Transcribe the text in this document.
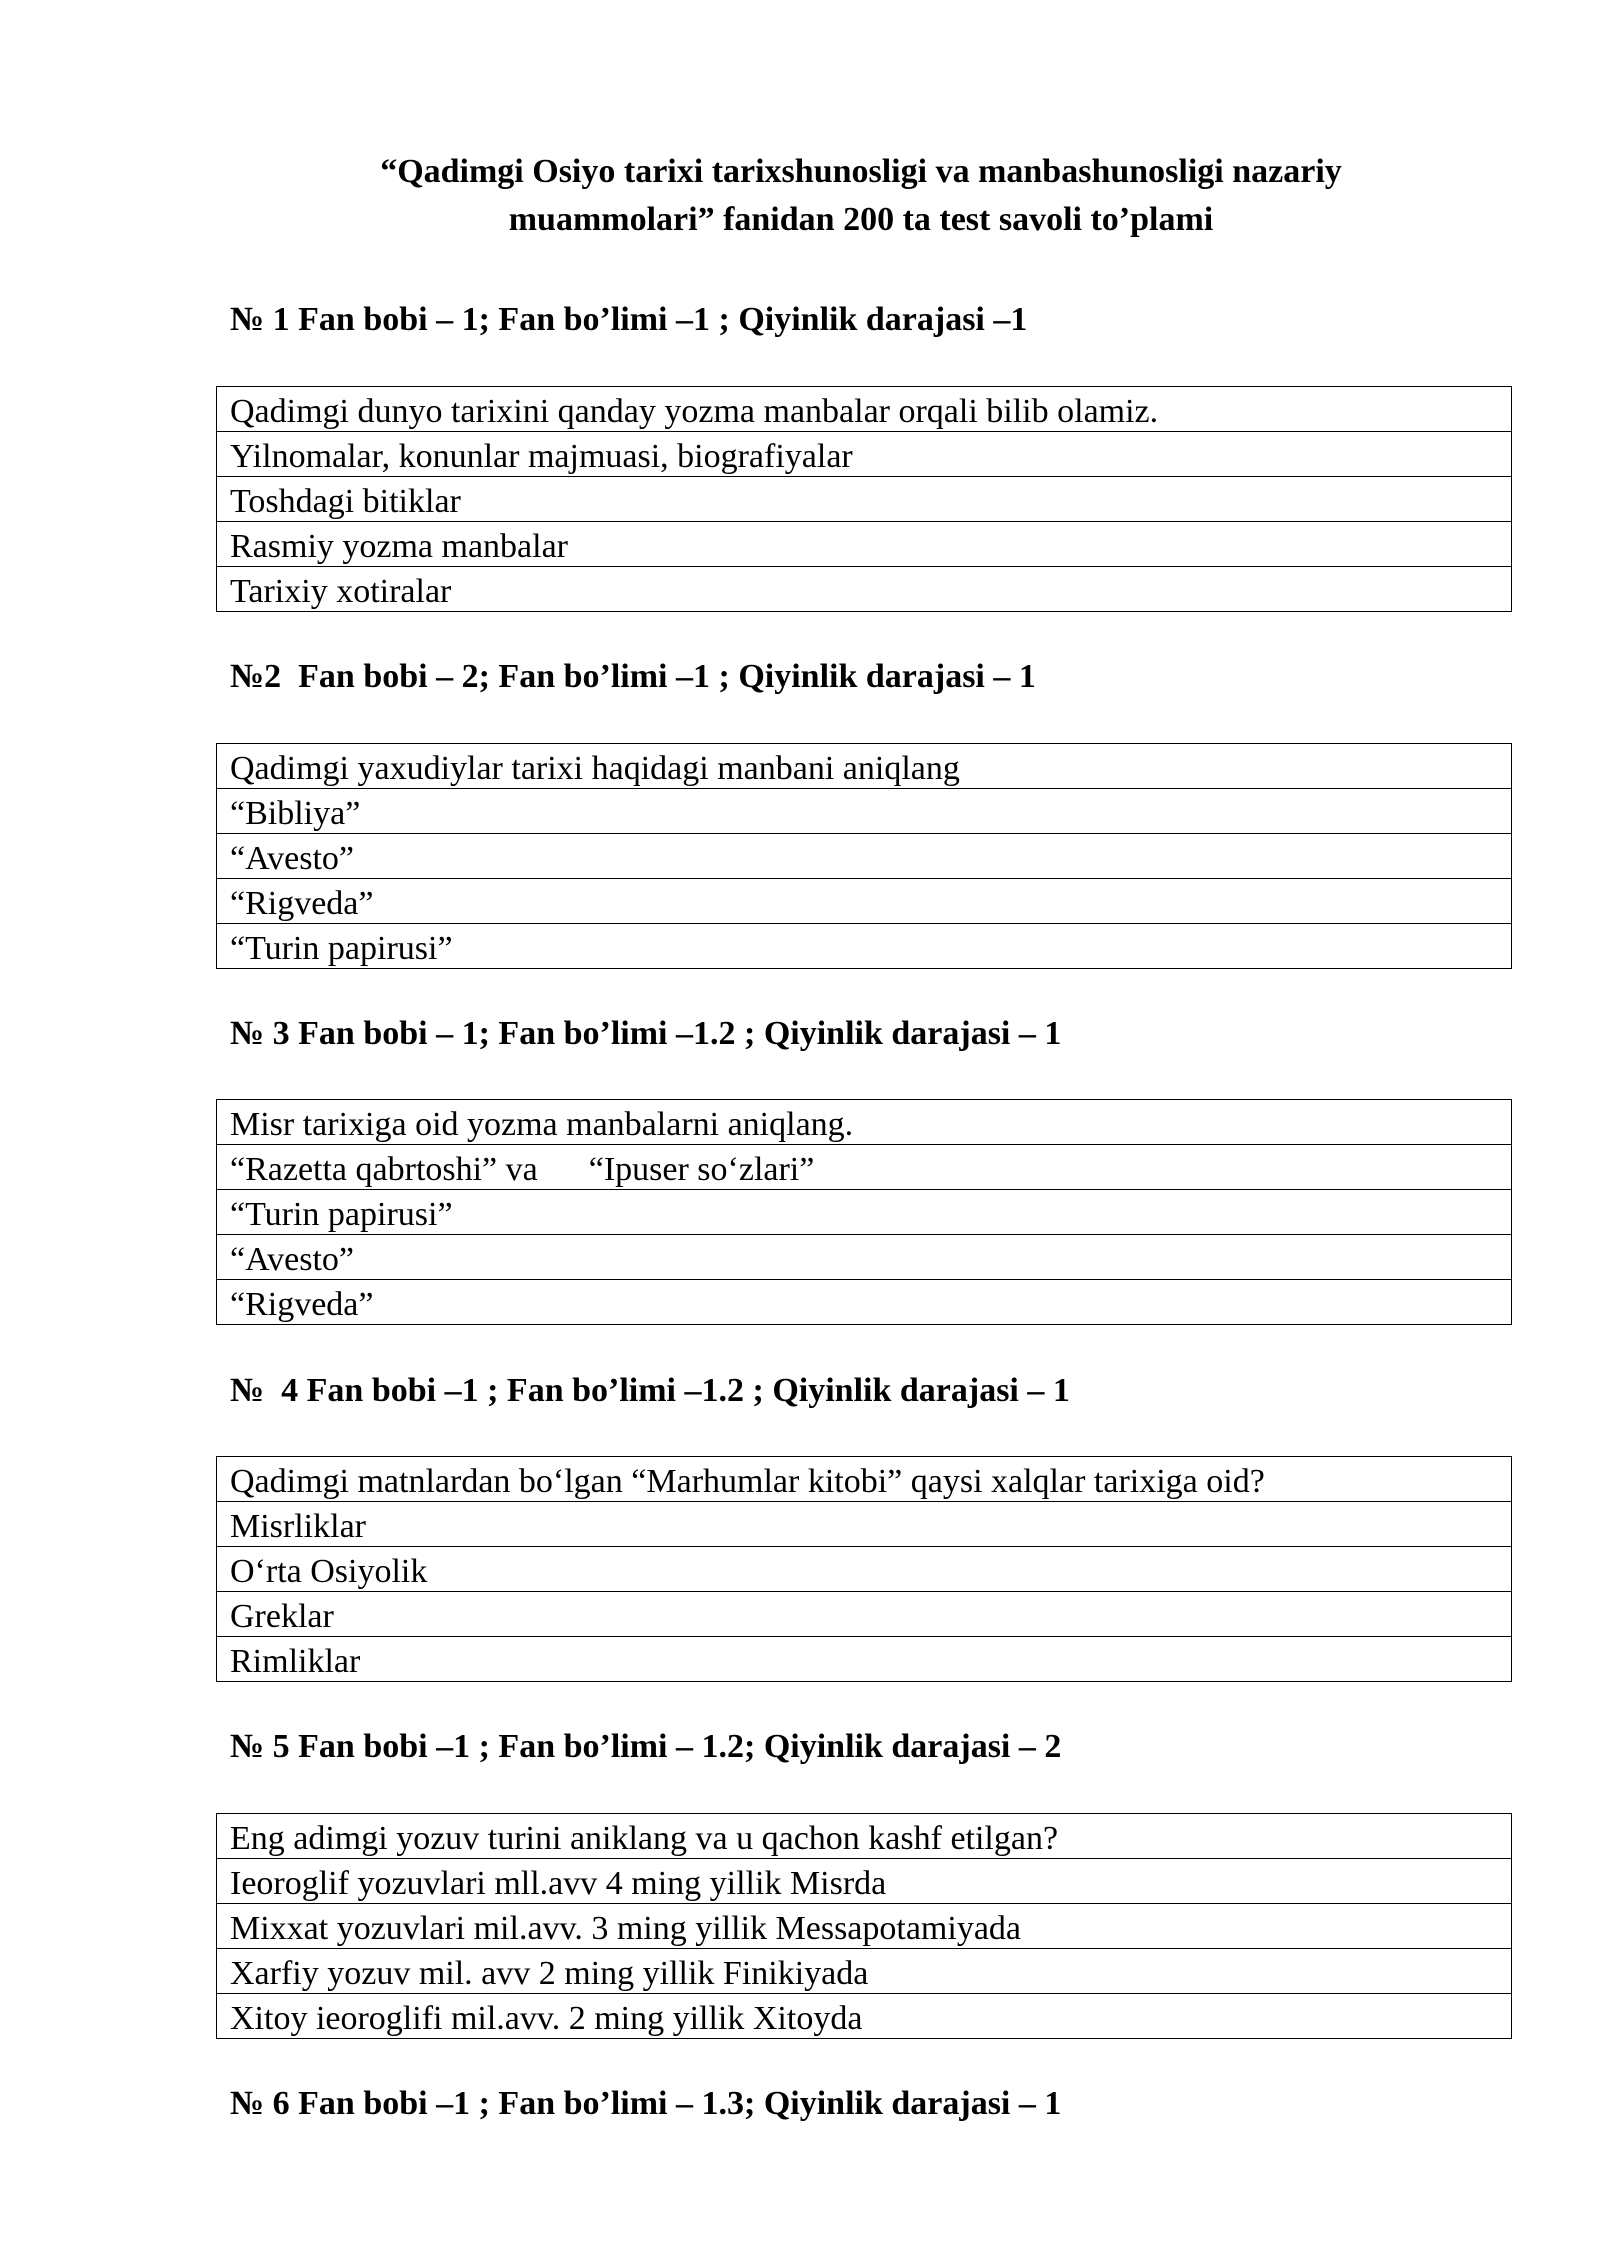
“Qadimgi Osiyo tarixi tarixshunosligi va manbashunosligi nazariy
muammolari” fanidan 200 ta test savoli to’plami
№ 1 Fan bobi – 1; Fan bo’limi –1 ; Qiyinlik darajasi –1
Qadimgi dunyo tarixini qanday yozma manbalar orqali bilib olamiz.
Yilnomalar, konunlar majmuasi, biografiyalar
Toshdagi bitiklar
Rasmiy yozma manbalar
Tarixiy xotiralar
№2  Fan bobi – 2; Fan bo’limi –1 ; Qiyinlik darajasi – 1
Qadimgi yaxudiylar tarixi haqidagi manbani aniqlang
“Bibliya”
“Avesto”
“Rigveda”
“Turin papirusi”
№ 3 Fan bobi – 1; Fan bo’limi –1.2 ; Qiyinlik darajasi – 1
Misr tarixiga oid yozma manbalarni aniqlang.
“Razetta qabrtoshi” va      “Ipuser so‘zlari”
“Turin papirusi”
“Avesto”
“Rigveda”
№  4 Fan bobi –1 ; Fan bo’limi –1.2 ; Qiyinlik darajasi – 1
Qadimgi matnlardan bo‘lgan “Marhumlar kitobi” qaysi xalqlar tarixiga oid?
Misrliklar
O‘rta Osiyolik
Greklar
Rimliklar
№ 5 Fan bobi –1 ; Fan bo’limi – 1.2; Qiyinlik darajasi – 2
Eng adimgi yozuv turini aniklang va u qachon kashf etilgan?
Ieoroglif yozuvlari mll.avv 4 ming yillik Misrda
Mixxat yozuvlari mil.avv. 3 ming yillik Messapotamiyada
Xarfiy yozuv mil. avv 2 ming yillik Finikiyada
Xitoy ieoroglifi mil.avv. 2 ming yillik Xitoyda
№ 6 Fan bobi –1 ; Fan bo’limi – 1.3; Qiyinlik darajasi – 1
